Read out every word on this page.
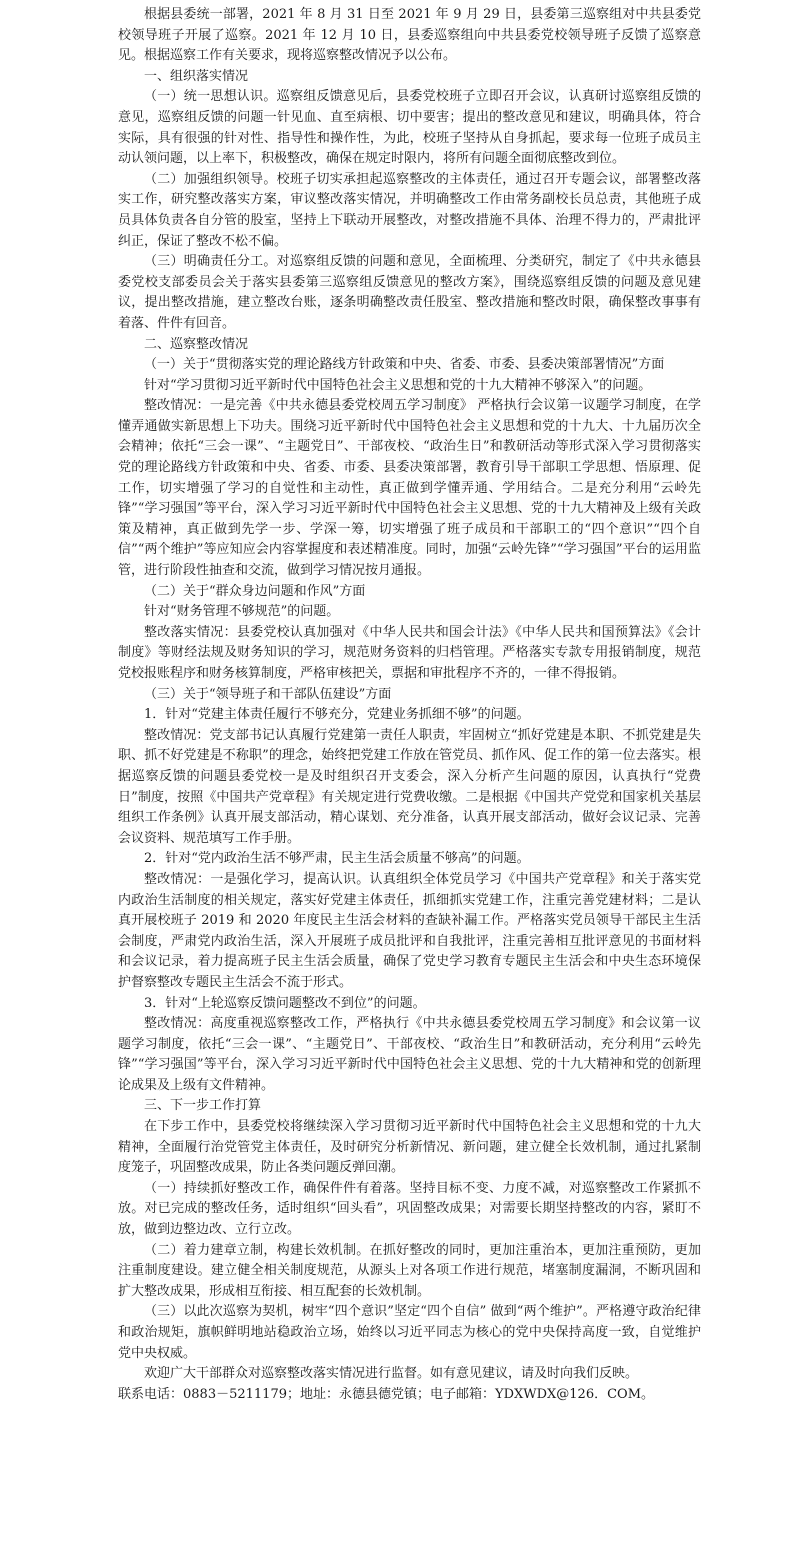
根据县委统一部署，2021 年 8 月 31 日至 2021 年 9 月 29 日，县委第三巡察组对中共县委党校领导班子开展了巡察。2021 年 12 月 10 日，县委巡察组向中共县委党校领导班子反馈了巡察意见。根据巡察工作有关要求，现将巡察整改情况予以公布。

一、组织落实情况

（一）统一思想认识。巡察组反馈意见后，县委党校班子立即召开会议，认真研讨巡察组反馈的意见，巡察组反馈的问题一针见血、直至病根、切中要害；提出的整改意见和建议，明确具体，符合实际，具有很强的针对性、指导性和操作性，为此，校班子坚持从自身抓起，要求每一位班子成员主动认领问题，以上率下，积极整改，确保在规定时限内，将所有问题全面彻底整改到位。

（二）加强组织领导。校班子切实承担起巡察整改的主体责任，通过召开专题会议，部署整改落实工作，研究整改落实方案，审议整改落实情况，并明确整改工作由常务副校长员总责，其他班子成员具体负责各自分管的股室，坚持上下联动开展整改，对整改措施不具体、治理不得力的，严肃批评纠正，保证了整改不松不偏。

（三）明确责任分工。对巡察组反馈的问题和意见，全面梳理、分类研究，制定了《中共永德县委党校支部委员会关于落实县委第三巡察组反馈意见的整改方案》，围绕巡察组反馈的问题及意见建议，提出整改措施，建立整改台账，逐条明确整改责任股室、整改措施和整改时限，确保整改事事有着落、件件有回音。

二、巡察整改情况

（一）关于“贯彻落实党的理论路线方针政策和中央、省委、市委、县委决策部署情况”方面

针对“学习贯彻习近平新时代中国特色社会主义思想和党的十九大精神不够深入”的问题。

整改情况：一是完善《中共永德县委党校周五学习制度》 严格执行会议第一议题学习制度，在学懂弄通做实新思想上下功夫。围绕习近平新时代中国特色社会主义思想和党的十九大、十九届历次全会精神；依托“三会一课”、“主题党日”、干部夜校、“政治生日”和教研活动等形式深入学习贯彻落实党的理论路线方针政策和中央、省委、市委、县委决策部署，教育引导干部职工学思想、悟原理、促工作，切实增强了学习的自觉性和主动性，真正做到学懂弄通、学用结合。二是充分利用“云岭先锋”“学习强国”等平台，深入学习习近平新时代中国特色社会主义思想、党的十九大精神及上级有关政策及精神，真正做到先学一步、学深一筹，切实增强了班子成员和干部职工的“四个意识”“四个自信”“两个维护”等应知应会内容掌握度和表述精准度。同时，加强“云岭先锋”“学习强国”平台的运用监管，进行阶段性抽查和交流，做到学习情况按月通报。

（二）关于“群众身边问题和作风”方面

针对“财务管理不够规范”的问题。

整改落实情况：县委党校认真加强对《中华人民共和国会计法》《中华人民共和国预算法》《会计制度》等财经法规及财务知识的学习，规范财务资料的归档管理。严格落实专款专用报销制度，规范党校报账程序和财务核算制度，严格审核把关，票据和审批程序不齐的，一律不得报销。

（三）关于“领导班子和干部队伍建设”方面

1．针对“党建主体责任履行不够充分，党建业务抓细不够”的问题。

整改情况：党支部书记认真履行党建第一责任人职责，牢固树立“抓好党建是本职、不抓党建是失职、抓不好党建是不称职”的理念，始终把党建工作放在管党员、抓作风、促工作的第一位去落实。根据巡察反馈的问题县委党校一是及时组织召开支委会，深入分析产生问题的原因，认真执行“党费日”制度，按照《中国共产党章程》有关规定进行党费收缴。二是根据《中国共产党党和国家机关基层组织工作条例》认真开展支部活动，精心谋划、充分准备，认真开展支部活动，做好会议记录、完善会议资料、规范填写工作手册。

2．针对“党内政治生活不够严肃，民主生活会质量不够高”的问题。

整改情况：一是强化学习，提高认识。认真组织全体党员学习《中国共产党章程》和关于落实党内政治生活制度的相关规定，落实好党建主体责任，抓细抓实党建工作，注重完善党建材料；二是认真开展校班子 2019 和 2020 年度民主生活会材料的查缺补漏工作。严格落实党员领导干部民主生活会制度，严肃党内政治生活，深入开展班子成员批评和自我批评，注重完善相互批评意见的书面材料和会议记录，着力提高班子民主生活会质量，确保了党史学习教育专题民主生活会和中央生态环境保护督察整改专题民主生活会不流于形式。

3．针对“上轮巡察反馈问题整改不到位”的问题。

整改情况：高度重视巡察整改工作，严格执行《中共永德县委党校周五学习制度》和会议第一议题学习制度，依托“三会一课”、“主题党日”、干部夜校、“政治生日”和教研活动，充分利用“云岭先锋”“学习强国”等平台，深入学习习近平新时代中国特色社会主义思想、党的十九大精神和党的创新理论成果及上级有文件精神。

三、下一步工作打算

在下步工作中，县委党校将继续深入学习贯彻习近平新时代中国特色社会主义思想和党的十九大精神，全面履行治党管党主体责任，及时研究分析新情况、新问题，建立健全长效机制，通过扎紧制度笼子，巩固整改成果，防止各类问题反弹回潮。

（一）持续抓好整改工作，确保件件有着落。坚持目标不变、力度不减，对巡察整改工作紧抓不放。对已完成的整改任务，适时组织“回头看”，巩固整改成果；对需要长期坚持整改的内容，紧盯不放，做到边整边改、立行立改。

（二）着力建章立制，构建长效机制。在抓好整改的同时，更加注重治本，更加注重预防，更加注重制度建设。建立健全相关制度规范，从源头上对各项工作进行规范，堵塞制度漏洞，不断巩固和扩大整改成果，形成相互衔接、相互配套的长效机制。

（三）以此次巡察为契机，树牢“四个意识”坚定“四个自信” 做到“两个维护”。严格遵守政治纪律和政治规矩，旗帜鲜明地站稳政治立场，始终以习近平同志为核心的党中央保持高度一致，自觉维护党中央权威。

欢迎广大干部群众对巡察整改落实情况进行监督。如有意见建议，请及时向我们反映。

联系电话：0883－5211179；地址：永德县德党镇；电子邮箱：YDXWDX@126．COM。
